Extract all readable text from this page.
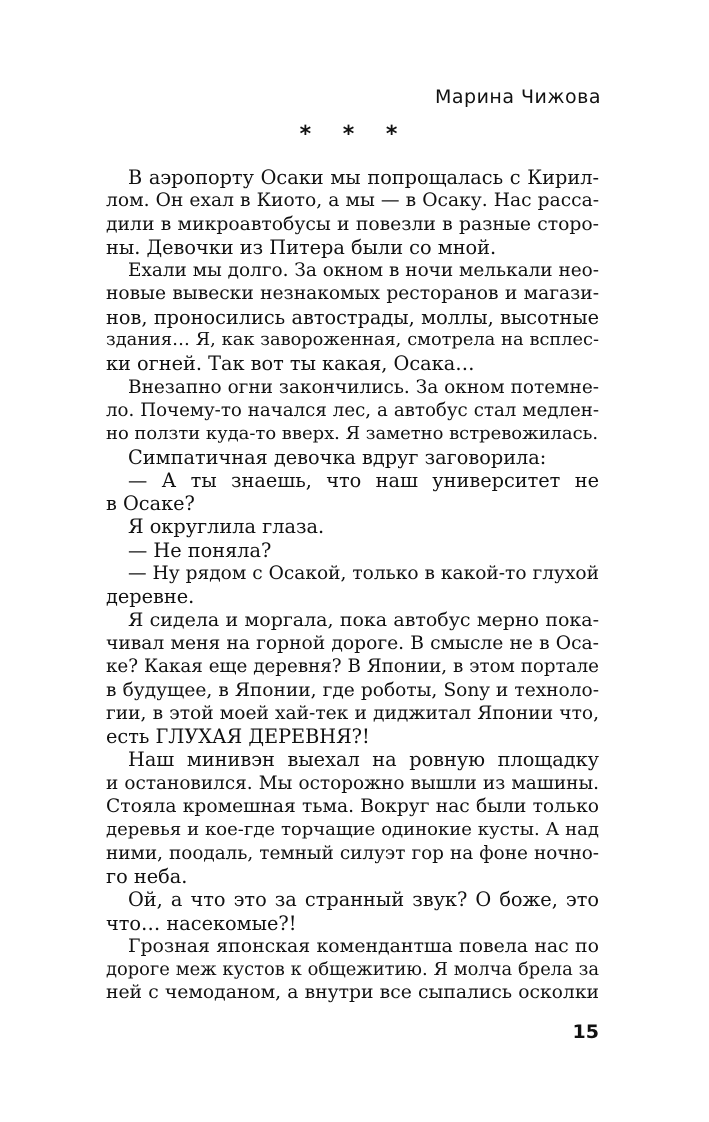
Марина Чижова
* * *
В аэропорту Осаки мы попрощалась с Кирил-
лом. Он ехал в Киото, а мы — в Осаку. Нас расса-
дили в микроавтобусы и повезли в разные сторо-
ны. Девочки из Питера были со мной.
Ехали мы долго. За окном в ночи мелькали нео-
новые вывески незнакомых ресторанов и магази-
нов, проносились автострады, моллы, высотные
здания… Я, как завороженная, смотрела на всплес-
ки огней. Так вот ты какая, Осака…
Внезапно огни закончились. За окном потемне-
ло. Почему-то начался лес, а автобус стал медлен-
но ползти куда-то вверх. Я заметно встревожилась.
Симпатичная девочка вдруг заговорила:
— А ты знаешь, что наш университет не
в Осаке?
Я округлила глаза.
— Не поняла?
— Ну рядом с Осакой, только в какой-то глухой
деревне.
Я сидела и моргала, пока автобус мерно пока-
чивал меня на горной дороге. В смысле не в Оса-
ке? Какая еще деревня? В Японии, в этом портале
в будущее, в Японии, где роботы, Sony и техноло-
гии, в этой моей хай-тек и диджитал Японии что,
есть ГЛУХАЯ ДЕРЕВНЯ?!
Наш минивэн выехал на ровную площадку
и остановился. Мы осторожно вышли из машины.
Стояла кромешная тьма. Вокруг нас были только
деревья и кое-где торчащие одинокие кусты. А над
ними, поодаль, темный силуэт гор на фоне ночно-
го неба.
Ой, а что это за странный звук? О боже, это
что… насекомые?!
Грозная японская комендантша повела нас по
дороге меж кустов к общежитию. Я молча брела за
ней с чемоданом, а внутри все сыпались осколки
15
